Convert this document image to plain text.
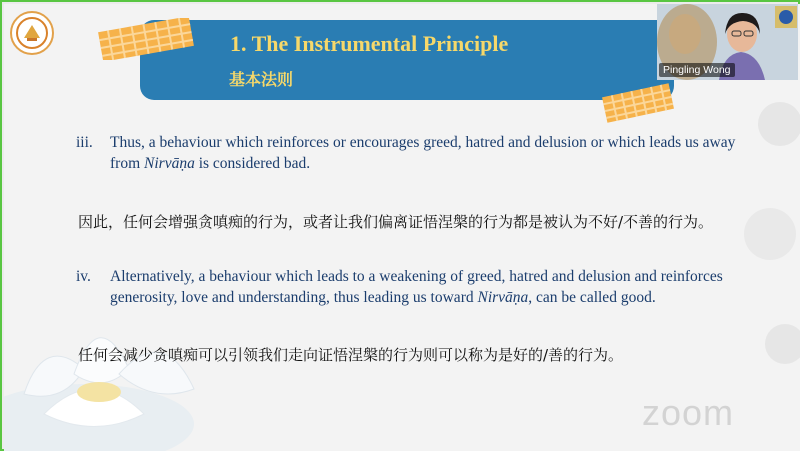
1. The Instrumental Principle
基本法则
iii. Thus, a behaviour which reinforces or encourages greed, hatred and delusion or which leads us away from Nirvāṇa is considered bad.
因此，任何会增强贪嗔痴的行为，或者让我们偏离证悟涅槃的行为都是被认为不好/不善的行为。
iv. Alternatively, a behaviour which leads to a weakening of greed, hatred and delusion and reinforces generosity, love and understanding, thus leading us toward Nirvāṇa, can be called good.
任何会减少贪嗔痴可以引领我们走向证悟涅槃的行为则可以称为是好的/善的行为。
zoom
Pingling Wong
